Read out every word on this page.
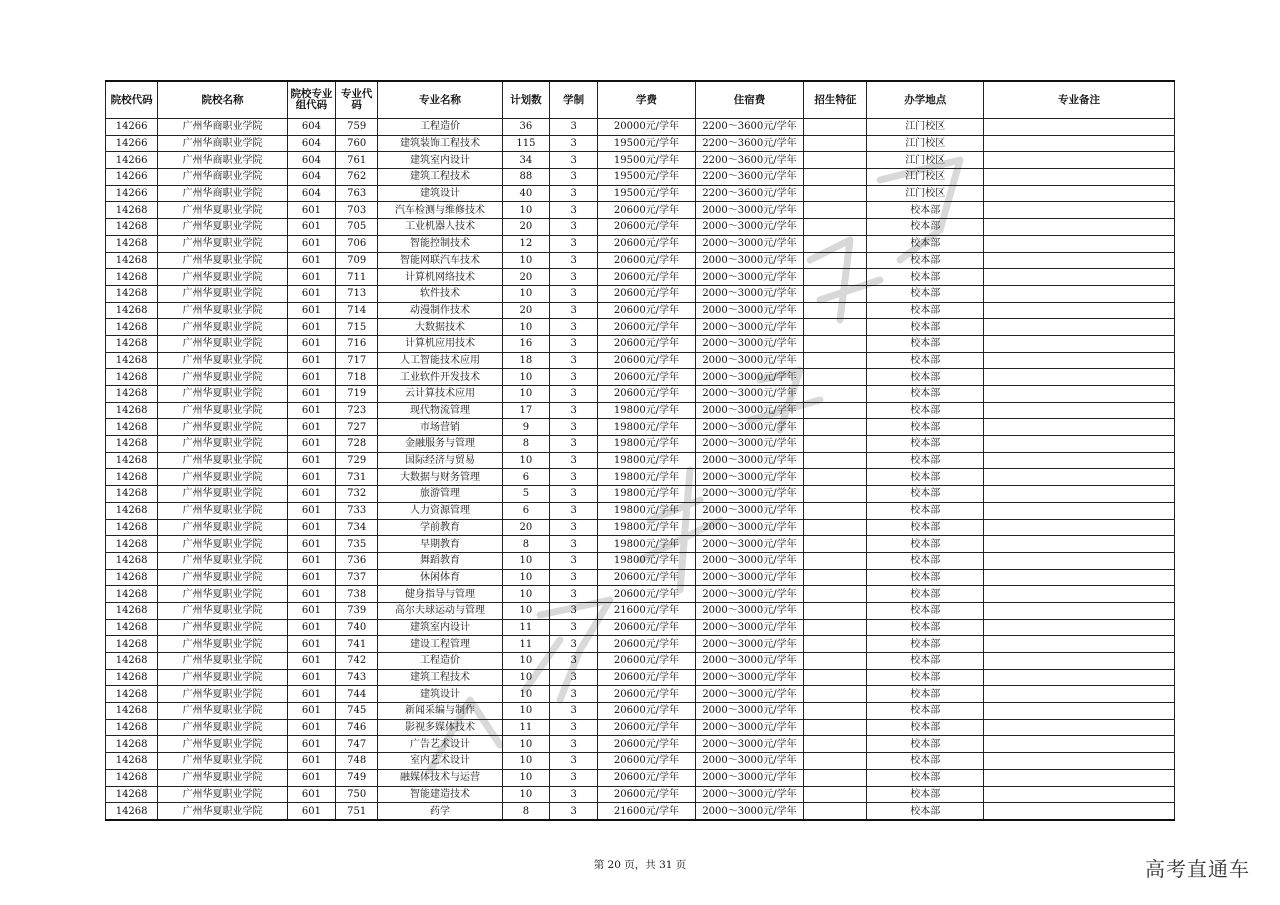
院校代码	院校名称	院校专业组代码	专业代码	专业名称	计划数	学制	学费	住宿费	招生特征	办学地点	专业备注
14266	广州华商职业学院	604	759	工程造价	36	3	20000元/学年	2200～3600元/学年		江门校区	
14266	广州华商职业学院	604	760	建筑装饰工程技术	115	3	19500元/学年	2200～3600元/学年		江门校区	
14266	广州华商职业学院	604	761	建筑室内设计	34	3	19500元/学年	2200～3600元/学年		江门校区	
14266	广州华商职业学院	604	762	建筑工程技术	88	3	19500元/学年	2200～3600元/学年		江门校区	
14266	广州华商职业学院	604	763	建筑设计	40	3	19500元/学年	2200～3600元/学年		江门校区	
14268	广州华夏职业学院	601	703	汽车检测与维修技术	10	3	20600元/学年	2000～3000元/学年		校本部	
14268	广州华夏职业学院	601	705	工业机器人技术	20	3	20600元/学年	2000～3000元/学年		校本部	
14268	广州华夏职业学院	601	706	智能控制技术	12	3	20600元/学年	2000～3000元/学年		校本部	
14268	广州华夏职业学院	601	709	智能网联汽车技术	10	3	20600元/学年	2000～3000元/学年		校本部	
14268	广州华夏职业学院	601	711	计算机网络技术	20	3	20600元/学年	2000～3000元/学年		校本部	
14268	广州华夏职业学院	601	713	软件技术	10	3	20600元/学年	2000～3000元/学年		校本部	
14268	广州华夏职业学院	601	714	动漫制作技术	20	3	20600元/学年	2000～3000元/学年		校本部	
14268	广州华夏职业学院	601	715	大数据技术	10	3	20600元/学年	2000～3000元/学年		校本部	
14268	广州华夏职业学院	601	716	计算机应用技术	16	3	20600元/学年	2000～3000元/学年		校本部	
14268	广州华夏职业学院	601	717	人工智能技术应用	18	3	20600元/学年	2000～3000元/学年		校本部	
14268	广州华夏职业学院	601	718	工业软件开发技术	10	3	20600元/学年	2000～3000元/学年		校本部	
14268	广州华夏职业学院	601	719	云计算技术应用	10	3	20600元/学年	2000～3000元/学年		校本部	
14268	广州华夏职业学院	601	723	现代物流管理	17	3	19800元/学年	2000～3000元/学年		校本部	
14268	广州华夏职业学院	601	727	市场营销	9	3	19800元/学年	2000～3000元/学年		校本部	
14268	广州华夏职业学院	601	728	金融服务与管理	8	3	19800元/学年	2000～3000元/学年		校本部	
14268	广州华夏职业学院	601	729	国际经济与贸易	10	3	19800元/学年	2000～3000元/学年		校本部	
14268	广州华夏职业学院	601	731	大数据与财务管理	6	3	19800元/学年	2000～3000元/学年		校本部	
14268	广州华夏职业学院	601	732	旅游管理	5	3	19800元/学年	2000～3000元/学年		校本部	
14268	广州华夏职业学院	601	733	人力资源管理	6	3	19800元/学年	2000～3000元/学年		校本部	
14268	广州华夏职业学院	601	734	学前教育	20	3	19800元/学年	2000～3000元/学年		校本部	
14268	广州华夏职业学院	601	735	早期教育	8	3	19800元/学年	2000～3000元/学年		校本部	
14268	广州华夏职业学院	601	736	舞蹈教育	10	3	19800元/学年	2000～3000元/学年		校本部	
14268	广州华夏职业学院	601	737	休闲体育	10	3	20600元/学年	2000～3000元/学年		校本部	
14268	广州华夏职业学院	601	738	健身指导与管理	10	3	20600元/学年	2000～3000元/学年		校本部	
14268	广州华夏职业学院	601	739	高尔夫球运动与管理	10	3	21600元/学年	2000～3000元/学年		校本部	
14268	广州华夏职业学院	601	740	建筑室内设计	11	3	20600元/学年	2000～3000元/学年		校本部	
14268	广州华夏职业学院	601	741	建设工程管理	11	3	20600元/学年	2000～3000元/学年		校本部	
14268	广州华夏职业学院	601	742	工程造价	10	3	20600元/学年	2000～3000元/学年		校本部	
14268	广州华夏职业学院	601	743	建筑工程技术	10	3	20600元/学年	2000～3000元/学年		校本部	
14268	广州华夏职业学院	601	744	建筑设计	10	3	20600元/学年	2000～3000元/学年		校本部	
14268	广州华夏职业学院	601	745	新闻采编与制作	10	3	20600元/学年	2000～3000元/学年		校本部	
14268	广州华夏职业学院	601	746	影视多媒体技术	11	3	20600元/学年	2000～3000元/学年		校本部	
14268	广州华夏职业学院	601	747	广告艺术设计	10	3	20600元/学年	2000～3000元/学年		校本部	
14268	广州华夏职业学院	601	748	室内艺术设计	10	3	20600元/学年	2000～3000元/学年		校本部	
14268	广州华夏职业学院	601	749	融媒体技术与运营	10	3	20600元/学年	2000～3000元/学年		校本部	
14268	广州华夏职业学院	601	750	智能建造技术	10	3	20600元/学年	2000～3000元/学年		校本部	
14268	广州华夏职业学院	601	751	药学	8	3	21600元/学年	2000～3000元/学年		校本部	
第 20 页，共 31 页	高考直通车
